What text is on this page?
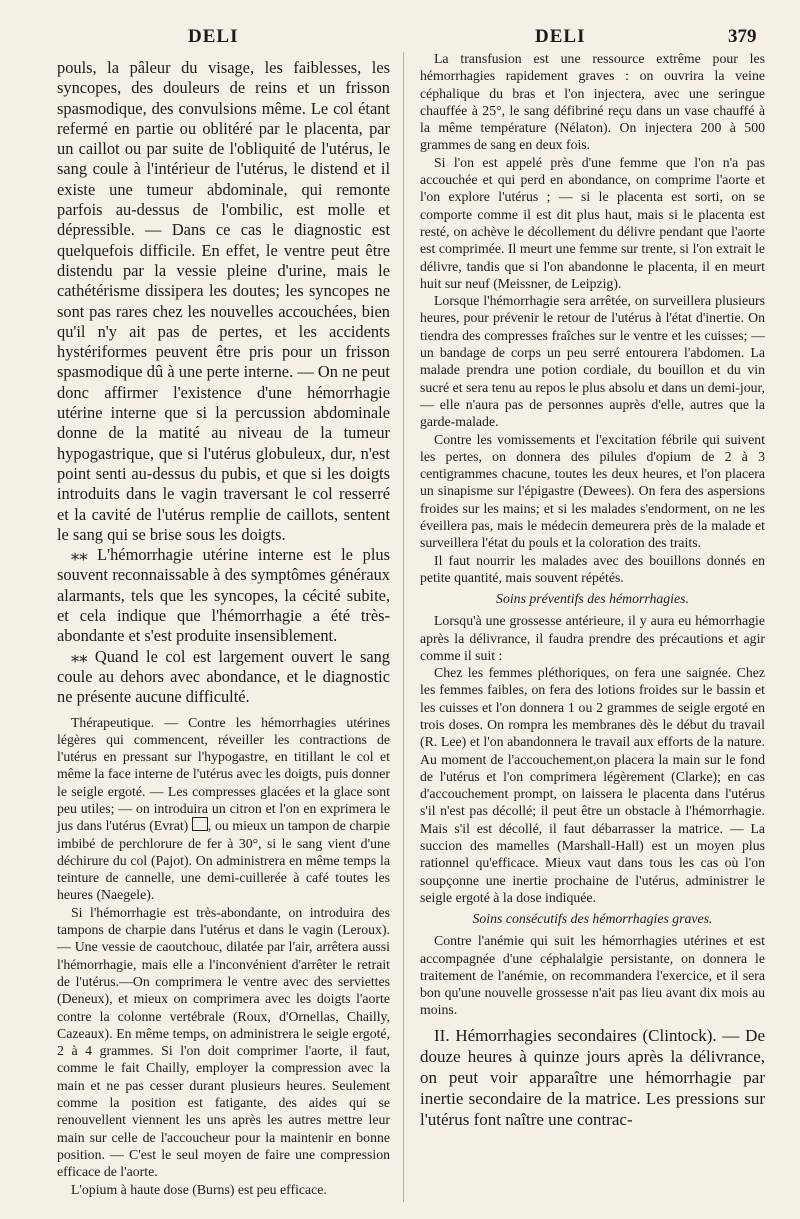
DELI	DELI	379

pouls, la pâleur du visage, les faiblesses, les syncopes, des douleurs de reins et un frisson spasmodique, des convulsions même. Le col étant refermé en partie ou oblitéré par le placenta, par un caillot ou par suite de l'obliquité de l'utérus, le sang coule à l'intérieur de l'utérus, le distend et il existe une tumeur abdominale, qui remonte parfois au-dessus de l'ombilic, est molle et dépressible. — Dans ce cas le diagnostic est quelquefois difficile. En effet, le ventre peut être distendu par la vessie pleine d'urine, mais le cathétérisme dissipera les doutes; les syncopes ne sont pas rares chez les nouvelles accouchées, bien qu'il n'y ait pas de pertes, et les accidents hystériformes peuvent être pris pour un frisson spasmodique dû à une perte interne. — On ne peut donc affirmer l'existence d'une hémorrhagie utérine interne que si la percussion abdominale donne de la matité au niveau de la tumeur hypogastrique, que si l'utérus globuleux, dur, n'est point senti au-dessus du pubis, et que si les doigts introduits dans le vagin traversant le col resserré et la cavité de l'utérus remplie de caillots, sentent le sang qui se brise sous les doigts.

⁎⁎ L'hémorrhagie utérine interne est le plus souvent reconnaissable à des symptômes généraux alarmants, tels que les syncopes, la cécité subite, et cela indique que l'hémorrhagie a été très-abondante et s'est produite insensiblement.

⁎⁎ Quand le col est largement ouvert le sang coule au dehors avec abondance, et le diagnostic ne présente aucune difficulté.

Thérapeutique. — Contre les hémorrhagies utérines légères qui commencent, réveiller les contractions de l'utérus en pressant sur l'hypogastre, en titillant le col et même la face interne de l'utérus avec les doigts, puis donner le seigle ergoté. — Les compresses glacées et la glace sont peu utiles; — on introduira un citron et l'on en exprimera le jus dans l'utérus (Evrat) , ou mieux un tampon de charpie imbibé de perchlorure de fer à 30°, si le sang vient d'une déchirure du col (Pajot). On administrera en même temps la teinture de cannelle, une demi-cuillerée à café toutes les heures (Naegele).

Si l'hémorrhagie est très-abondante, on introduira des tampons de charpie dans l'utérus et dans le vagin (Leroux). — Une vessie de caoutchouc, dilatée par l'air, arrêtera aussi l'hémorrhagie, mais elle a l'inconvénient d'arrêter le retrait de l'utérus.—On comprimera le ventre avec des serviettes (Deneux), et mieux on comprimera avec les doigts l'aorte contre la colonne vertébrale (Roux, d'Ornellas, Chailly, Cazeaux). En même temps, on administrera le seigle ergoté, 2 à 4 grammes. Si l'on doit comprimer l'aorte, il faut, comme le fait Chailly, employer la compression avec la main et ne pas cesser durant plusieurs heures. Seulement comme la position est fatigante, des aides qui se renouvellent viennent les uns après les autres mettre leur main sur celle de l'accoucheur pour la maintenir en bonne position. — C'est le seul moyen de faire une compression efficace de l'aorte.

L'opium à haute dose (Burns) est peu efficace.

La transfusion est une ressource extrême pour les hémorrhagies rapidement graves : on ouvrira la veine céphalique du bras et l'on injectera, avec une seringue chauffée à 25°, le sang défibriné reçu dans un vase chauffé à la même température (Nélaton). On injectera 200 à 500 grammes de sang en deux fois.

Si l'on est appelé près d'une femme que l'on n'a pas accouchée et qui perd en abondance, on comprime l'aorte et l'on explore l'utérus ; — si le placenta est sorti, on se comporte comme il est dit plus haut, mais si le placenta est resté, on achève le décollement du délivre pendant que l'aorte est comprimée. Il meurt une femme sur trente, si l'on extrait le délivre, tandis que si l'on abandonne le placenta, il en meurt huit sur neuf (Meissner, de Leipzig).

Lorsque l'hémorrhagie sera arrêtée, on surveillera plusieurs heures, pour prévenir le retour de l'utérus à l'état d'inertie. On tiendra des compresses fraîches sur le ventre et les cuisses; — un bandage de corps un peu serré entourera l'abdomen. La malade prendra une potion cordiale, du bouillon et du vin sucré et sera tenu au repos le plus absolu et dans un demi-jour, — elle n'aura pas de personnes auprès d'elle, autres que la garde-malade.

Contre les vomissements et l'excitation fébrile qui suivent les pertes, on donnera des pilules d'opium de 2 à 3 centigrammes chacune, toutes les deux heures, et l'on placera un sinapisme sur l'épigastre (Dewees). On fera des aspersions froides sur les mains; et si les malades s'endorment, on ne les éveillera pas, mais le médecin demeurera près de la malade et surveillera l'état du pouls et la coloration des traits.

Il faut nourrir les malades avec des bouillons donnés en petite quantité, mais souvent répétés.

Soins préventifs des hémorrhagies.

Lorsqu'à une grossesse antérieure, il y aura eu hémorrhagie après la délivrance, il faudra prendre des précautions et agir comme il suit :

Chez les femmes pléthoriques, on fera une saignée. Chez les femmes faibles, on fera des lotions froides sur le bassin et les cuisses et l'on donnera 1 ou 2 grammes de seigle ergoté en trois doses. On rompra les membranes dès le début du travail (R. Lee) et l'on abandonnera le travail aux efforts de la nature. Au moment de l'accouchement,on placera la main sur le fond de l'utérus et l'on comprimera légèrement (Clarke); en cas d'accouchement prompt, on laissera le placenta dans l'utérus s'il n'est pas décollé; il peut être un obstacle à l'hémorrhagie. Mais s'il est décollé, il faut débarrasser la matrice. — La succion des mamelles (Marshall-Hall) est un moyen plus rationnel qu'efficace. Mieux vaut dans tous les cas où l'on soupçonne une inertie prochaine de l'utérus, administrer le seigle ergoté à la dose indiquée.

Soins consécutifs des hémorrhagies graves.

Contre l'anémie qui suit les hémorrhagies utérines et est accompagnée d'une céphalalgie persistante, on donnera le traitement de l'anémie, on recommandera l'exercice, et il sera bon qu'une nouvelle grossesse n'ait pas lieu avant dix mois au moins.

II. Hémorrhagies secondaires (Clintock). — De douze heures à quinze jours après la délivrance, on peut voir apparaître une hémorrhagie par inertie secondaire de la matrice. Les pressions sur l'utérus font naître une contrac-
